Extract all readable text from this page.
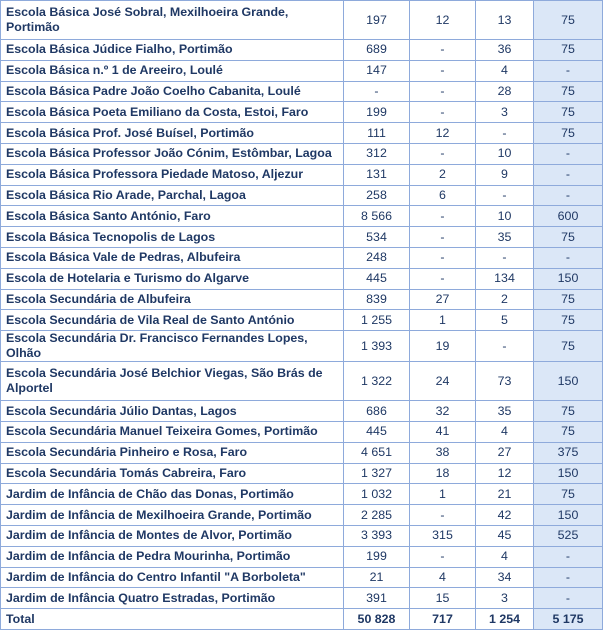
Escola Básica José Sobral, Mexilhoeira Grande, Portimão	197	12	13	75
Escola Básica Júdice Fialho, Portimão	689	-	36	75
Escola Básica n.º 1 de Areeiro, Loulé	147	-	4	-
Escola Básica Padre João Coelho Cabanita, Loulé	-	-	28	75
Escola Básica Poeta Emiliano da Costa, Estoi, Faro	199	-	3	75
Escola Básica Prof. José Buísel, Portimão	111	12	-	75
Escola Básica Professor João Cónim, Estômbar, Lagoa	312	-	10	-
Escola Básica Professora Piedade Matoso, Aljezur	131	2	9	-
Escola Básica Rio Arade, Parchal, Lagoa	258	6	-	-
Escola Básica Santo António, Faro	8 566	-	10	600
Escola Básica Tecnopolis de Lagos	534	-	35	75
Escola Básica Vale de Pedras, Albufeira	248	-	-	-
Escola de Hotelaria e Turismo do Algarve	445	-	134	150
Escola Secundária de Albufeira	839	27	2	75
Escola Secundária de Vila Real de Santo António	1 255	1	5	75
Escola Secundária Dr. Francisco Fernandes Lopes, Olhão	1 393	19	-	75
Escola Secundária José Belchior Viegas, São Brás de Alportel	1 322	24	73	150
Escola Secundária Júlio Dantas, Lagos	686	32	35	75
Escola Secundária Manuel Teixeira Gomes, Portimão	445	41	4	75
Escola Secundária Pinheiro e Rosa, Faro	4 651	38	27	375
Escola Secundária Tomás Cabreira, Faro	1 327	18	12	150
Jardim de Infância de Chão das Donas, Portimão	1 032	1	21	75
Jardim de Infância de Mexilhoeira Grande, Portimão	2 285	-	42	150
Jardim de Infância de Montes de Alvor, Portimão	3 393	315	45	525
Jardim de Infância de Pedra Mourinha, Portimão	199	-	4	-
Jardim de Infância do Centro Infantil "A Borboleta"	21	4	34	-
Jardim de Infância Quatro Estradas, Portimão	391	15	3	-
Total	50 828	717	1 254	5 175
